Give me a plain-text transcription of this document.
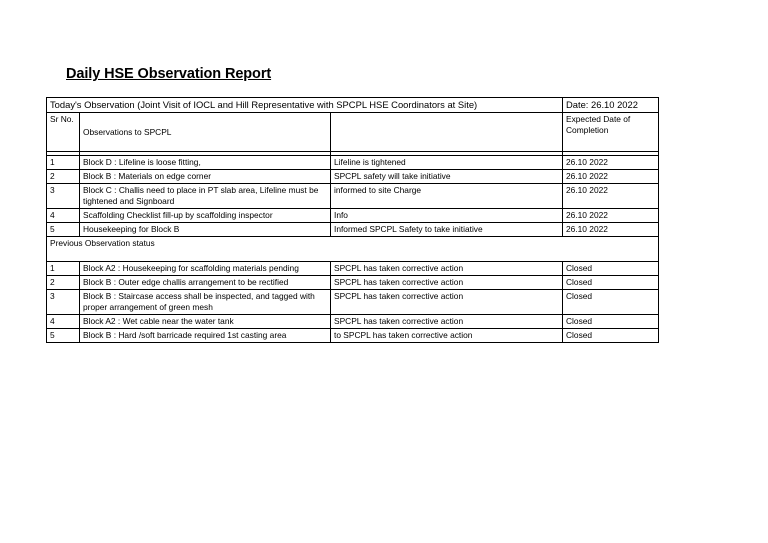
Daily HSE Observation Report
Today's Observation (Joint Visit of IOCL and Hill Representative with SPCPL HSE Coordinators at Site)			Date: 26.10 2022
Sr No.	Observations to SPCPL		Expected Date of Completion

1	Block D : Lifeline is loose fitting,	Lifeline is tightened	26.10 2022
2	Block B : Materials on edge corner	SPCPL safety will take initiative	26.10 2022
3	Block C : Challis need to place in PT slab area, Lifeline must be tightened and Signboard	informed to site Charge	26.10 2022
4	Scaffolding Checklist fill-up by scaffolding inspector	Info	26.10 2022
5	Housekeeping for Block B	Informed SPCPL Safety to take initiative	26.10 2022
Previous Observation status			
1	Block A2 : Housekeeping for scaffolding materials pending	SPCPL has taken corrective action	Closed
2	Block B : Outer edge challis arrangement to be rectified	SPCPL has taken corrective action	Closed
3	Block B : Staircase access shall be inspected, and tagged with proper arrangement of green mesh	SPCPL has taken corrective action	Closed
4	Block A2 : Wet cable near the water tank	SPCPL has taken corrective action	Closed
5	Block B : Hard /soft barricade required 1st casting area	to SPCPL has taken corrective action	Closed
